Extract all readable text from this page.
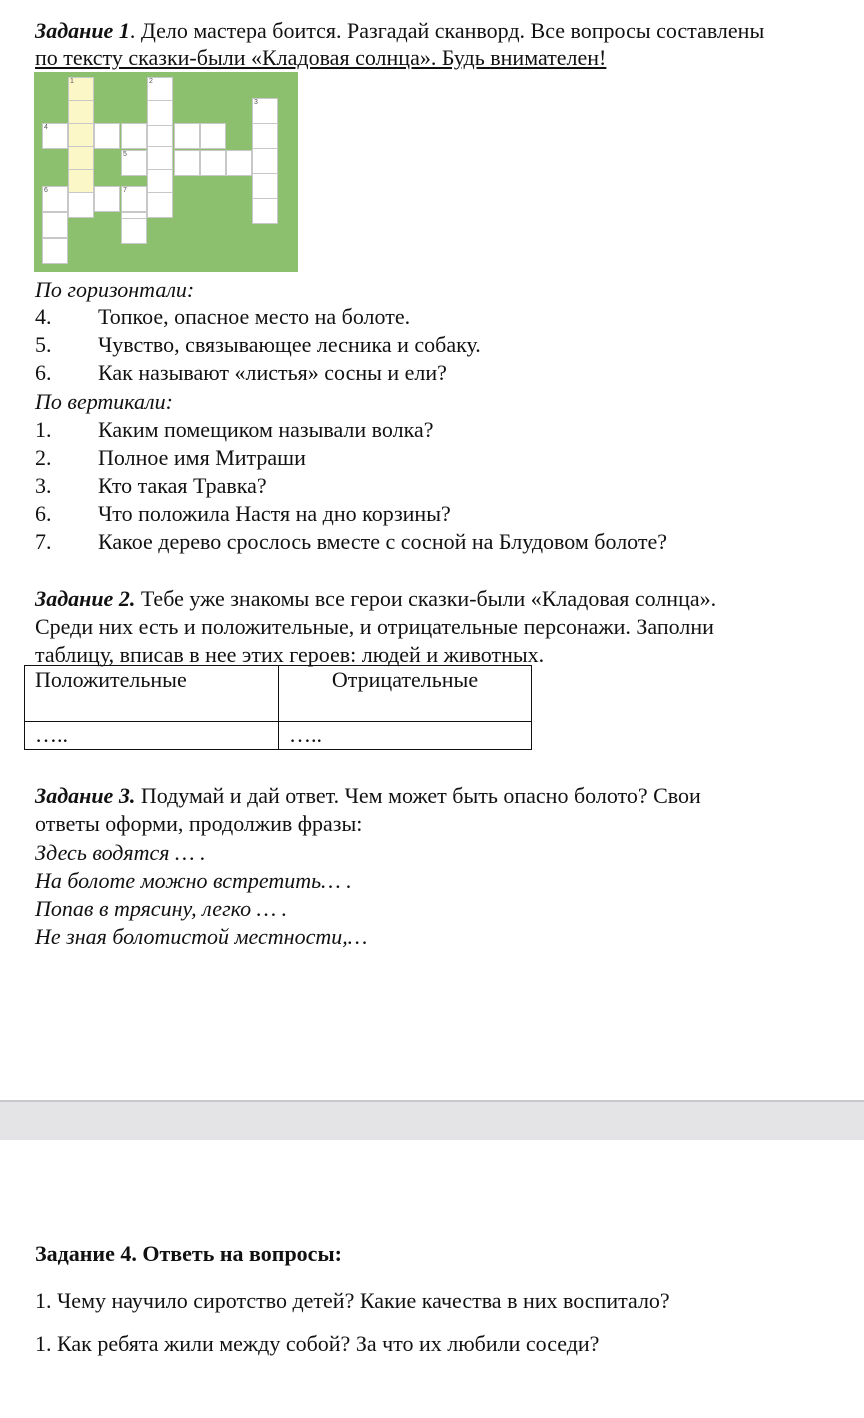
Задание 1. Дело мастера боится. Разгадай сканворд. Все вопросы составлены
по тексту сказки-были «Кладовая солнца». Будь внимателен!
1
4
2
3
5
6	7
По горизонтали:
4. Топкое, опасное место на болоте.
5. Чувство, связывающее лесника и собаку.
6. Как называют «листья» сосны и ели?
По вертикали:
1. Каким помещиком называли волка?
2. Полное имя Митраши
3. Кто такая Травка?
6. Что положила Настя на дно корзины?
7. Какое дерево срослось вместе с сосной на Блудовом болоте?
Задание 2. Тебе уже знакомы все герои сказки-были «Кладовая солнца».
Среди них есть и положительные, и отрицательные персонажи. Заполни
таблицу, вписав в нее этих героев: людей и животных.
Положительные	Отрицательные
…..	…..
Задание 3. Подумай и дай ответ. Чем может быть опасно болото? Свои
ответы оформи, продолжив фразы:
Здесь водятся … .
На болоте можно встретить… .
Попав в трясину, легко … .
Не зная болотистой местности,…
Задание 4. Ответь на вопросы:
1. Чему научило сиротство детей? Какие качества в них воспитало?
1. Как ребята жили между собой? За что их любили соседи?
